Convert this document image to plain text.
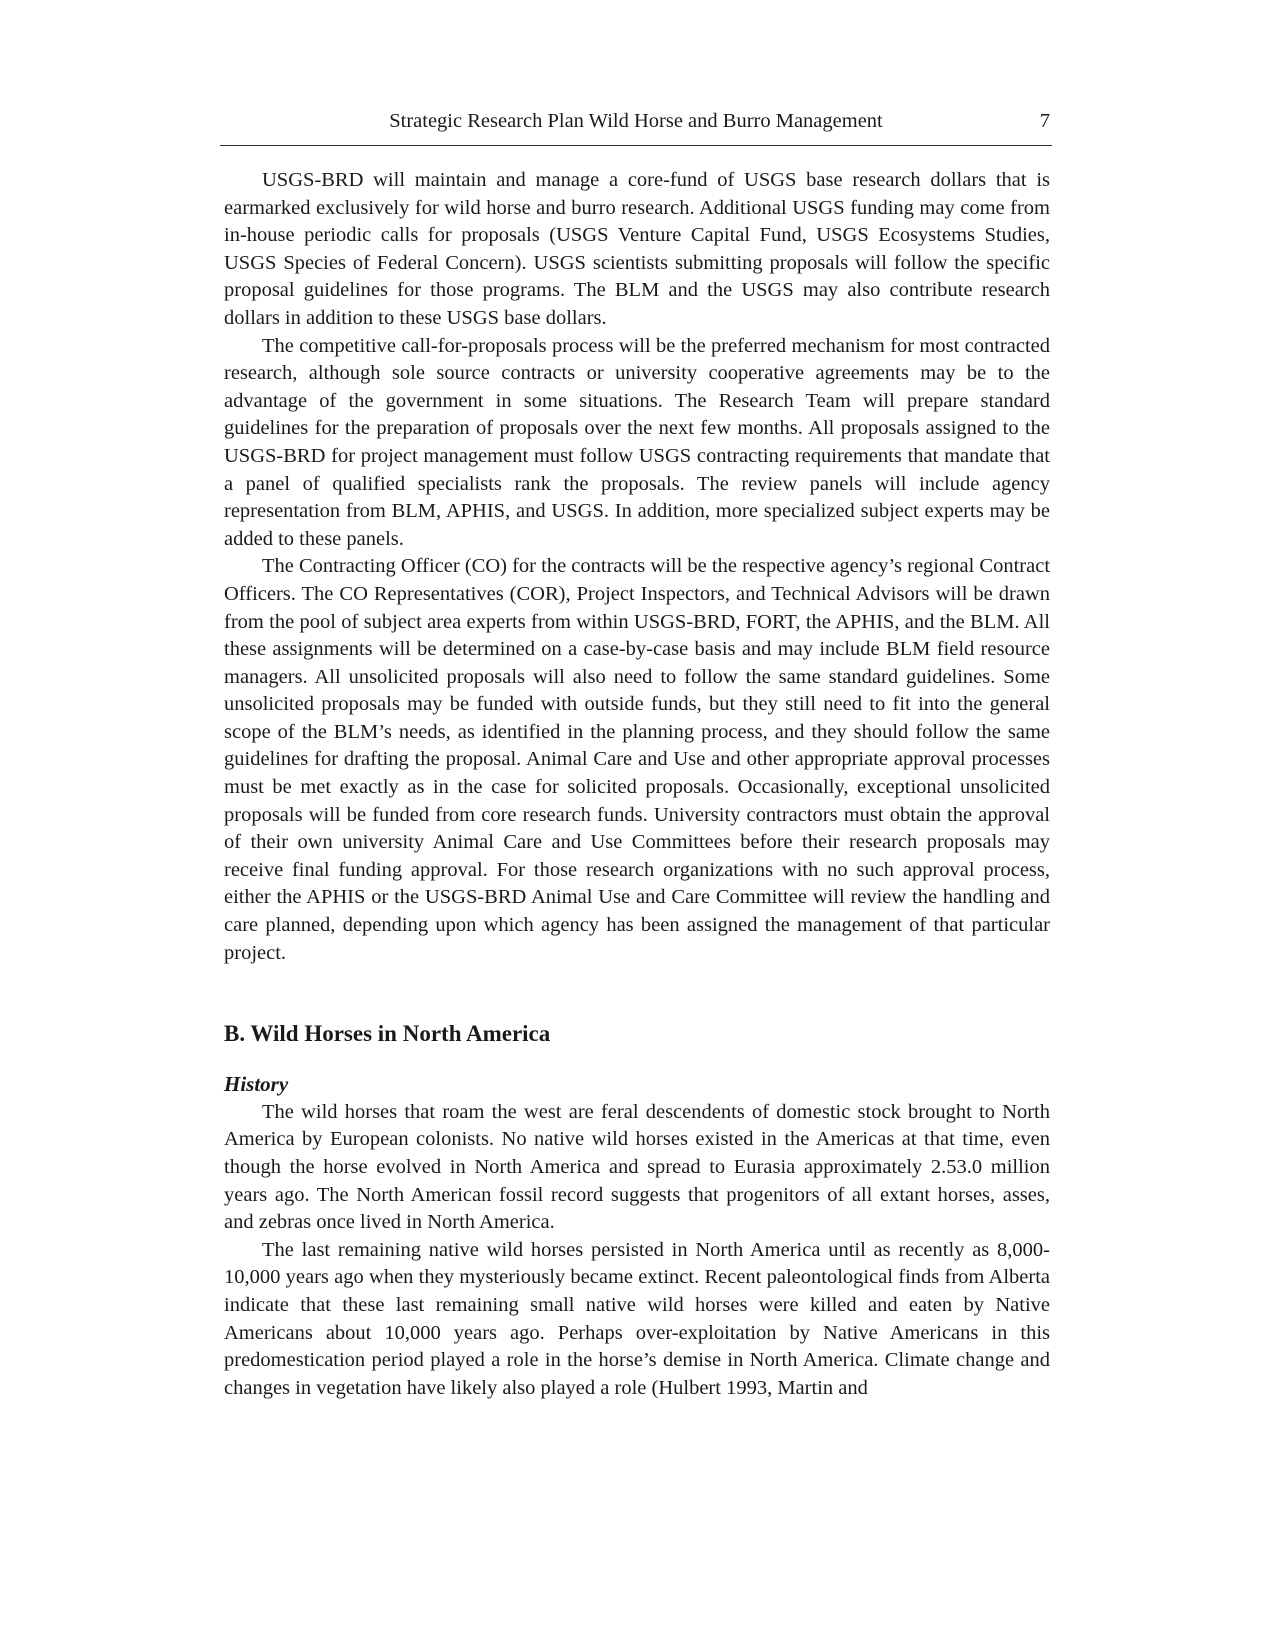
Strategic Research Plan Wild Horse and Burro Management	7

USGS-BRD will maintain and manage a core-fund of USGS base research dollars that is earmarked exclusively for wild horse and burro research. Additional USGS funding may come from in-house periodic calls for proposals (USGS Venture Capital Fund, USGS Ecosystems Studies, USGS Species of Federal Concern). USGS scientists submitting proposals will follow the specific proposal guidelines for those programs. The BLM and the USGS may also contribute research dollars in addition to these USGS base dollars.

The competitive call-for-proposals process will be the preferred mechanism for most contracted research, although sole source contracts or university cooperative agreements may be to the advantage of the government in some situations. The Research Team will prepare standard guidelines for the preparation of proposals over the next few months. All proposals assigned to the USGS-BRD for project management must follow USGS contracting requirements that mandate that a panel of qualified specialists rank the proposals. The review panels will include agency representation from BLM, APHIS, and USGS. In addition, more specialized subject experts may be added to these panels.

The Contracting Officer (CO) for the contracts will be the respective agency’s regional Contract Officers. The CO Representatives (COR), Project Inspectors, and Technical Advisors will be drawn from the pool of subject area experts from within USGS-BRD, FORT, the APHIS, and the BLM. All these assignments will be determined on a case-by-case basis and may include BLM field resource managers. All unsolicited proposals will also need to follow the same standard guidelines. Some unsolicited proposals may be funded with outside funds, but they still need to fit into the general scope of the BLM’s needs, as identified in the planning process, and they should follow the same guidelines for drafting the proposal. Animal Care and Use and other appropriate approval processes must be met exactly as in the case for solicited proposals. Occasionally, exceptional unsolicited proposals will be funded from core research funds. University contractors must obtain the approval of their own university Animal Care and Use Committees before their research proposals may receive final funding approval. For those research organizations with no such approval process, either the APHIS or the USGS-BRD Animal Use and Care Committee will review the handling and care planned, depending upon which agency has been assigned the management of that particular project.

B. Wild Horses in North America
History

The wild horses that roam the west are feral descendents of domestic stock brought to North America by European colonists. No native wild horses existed in the Americas at that time, even though the horse evolved in North America and spread to Eurasia approximately 2.53.0 million years ago. The North American fossil record suggests that progenitors of all extant horses, asses, and zebras once lived in North America.

The last remaining native wild horses persisted in North America until as recently as 8,000-10,000 years ago when they mysteriously became extinct. Recent paleontological finds from Alberta indicate that these last remaining small native wild horses were killed and eaten by Native Americans about 10,000 years ago. Perhaps over-exploitation by Native Americans in this predomestication period played a role in the horse’s demise in North America. Climate change and changes in vegetation have likely also played a role (Hulbert 1993, Martin and
